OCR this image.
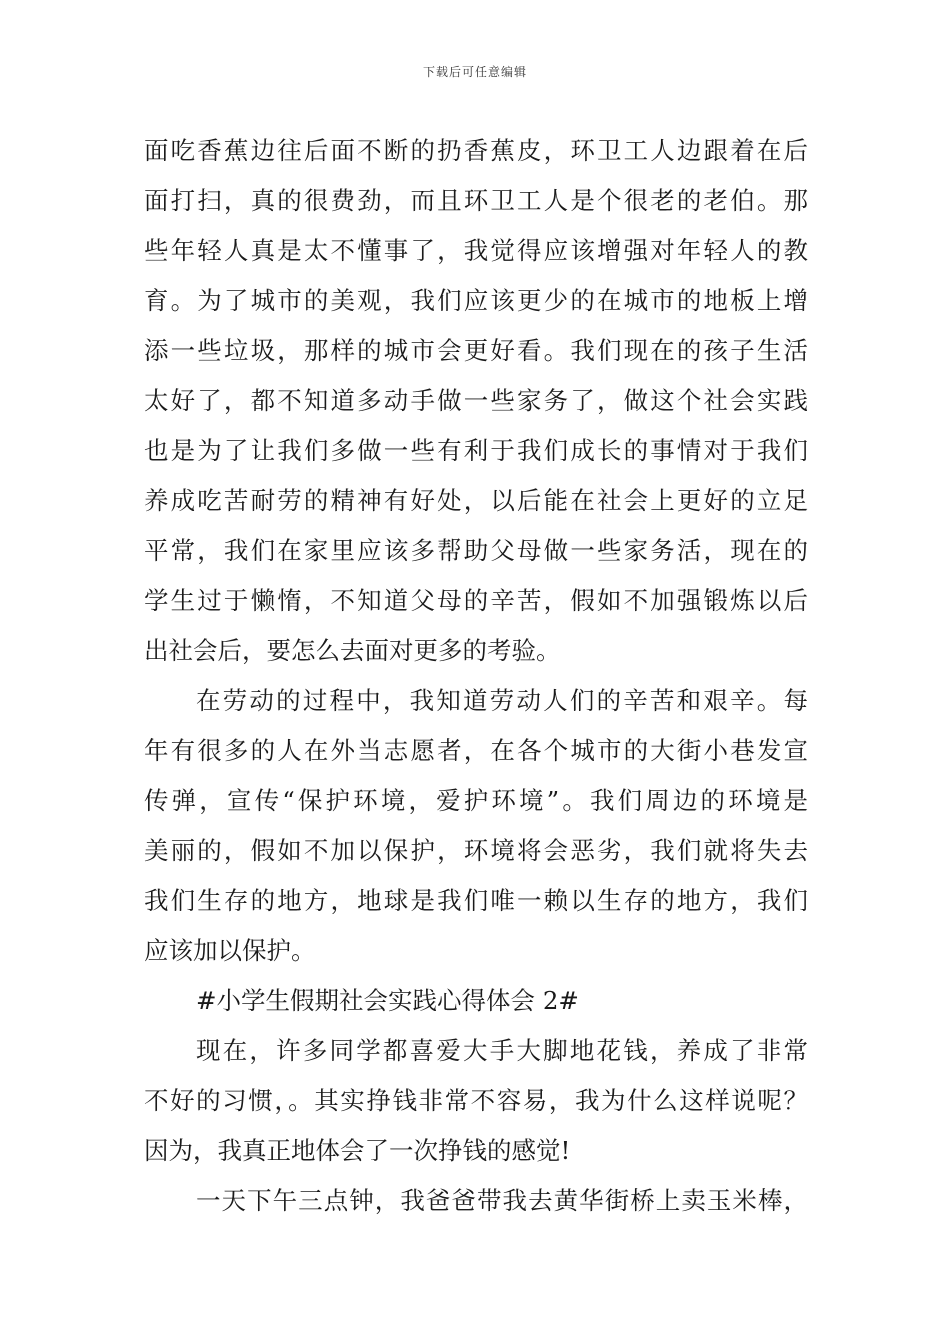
下载后可任意编辑
面吃香蕉边往后面不断的扔香蕉皮，环卫工人边跟着在后
面打扫，真的很费劲，而且环卫工人是个很老的老伯。那
些年轻人真是太不懂事了，我觉得应该增强对年轻人的教
育。为了城市的美观，我们应该更少的在城市的地板上增
添一些垃圾，那样的城市会更好看。我们现在的孩子生活
太好了，都不知道多动手做一些家务了，做这个社会实践
也是为了让我们多做一些有利于我们成长的事情对于我们
养成吃苦耐劳的精神有好处，以后能在社会上更好的立足
平常，我们在家里应该多帮助父母做一些家务活，现在的
学生过于懒惰，不知道父母的辛苦，假如不加强锻炼以后
出社会后，要怎么去面对更多的考验。
在劳动的过程中，我知道劳动人们的辛苦和艰辛。每
年有很多的人在外当志愿者，在各个城市的大街小巷发宣
传弹，宣传“保护环境，爱护环境”。我们周边的环境是
美丽的，假如不加以保护，环境将会恶劣，我们就将失去
我们生存的地方，地球是我们唯一赖以生存的地方，我们
应该加以保护。
#小学生假期社会实践心得体会 2#
现在，许多同学都喜爱大手大脚地花钱，养成了非常
不好的习惯，。其实挣钱非常不容易，我为什么这样说呢？
因为，我真正地体会了一次挣钱的感觉!
一天下午三点钟，我爸爸带我去黄华街桥上卖玉米棒，
